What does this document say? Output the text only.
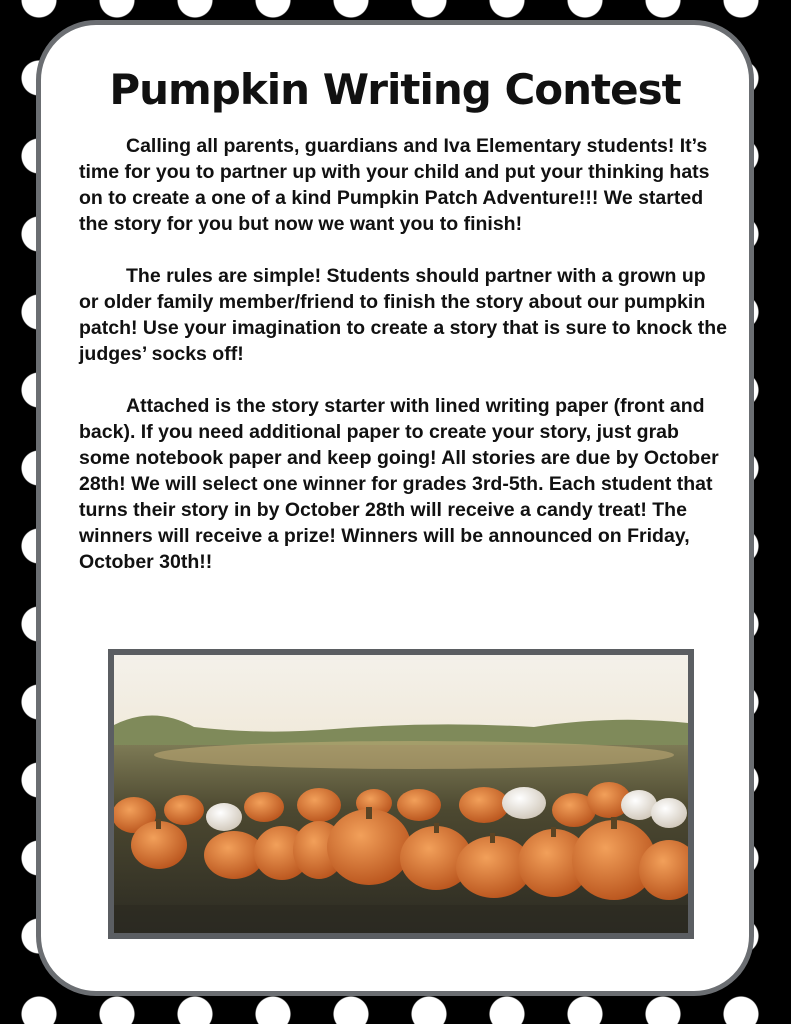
Pumpkin Writing Contest

Calling all parents, guardians and Iva Elementary students! It’s time for you to partner up with your child and put your thinking hats on to create a one of a kind Pumpkin Patch Adventure!!! We started the story for you but now we want you to finish!

The rules are simple! Students should partner with a grown up or older family member/friend to finish the story about our pumpkin patch! Use your imagination to create a story that is sure to knock the judges’ socks off!

Attached is the story starter with lined writing paper (front and back). If you need additional paper to create your story, just grab some notebook paper and keep going! All stories are due by October 28th! We will select one winner for grades 3rd-5th. Each student that turns their story in by October 28th will receive a candy treat! The winners will receive a prize! Winners will be announced on Friday, October 30th!!
